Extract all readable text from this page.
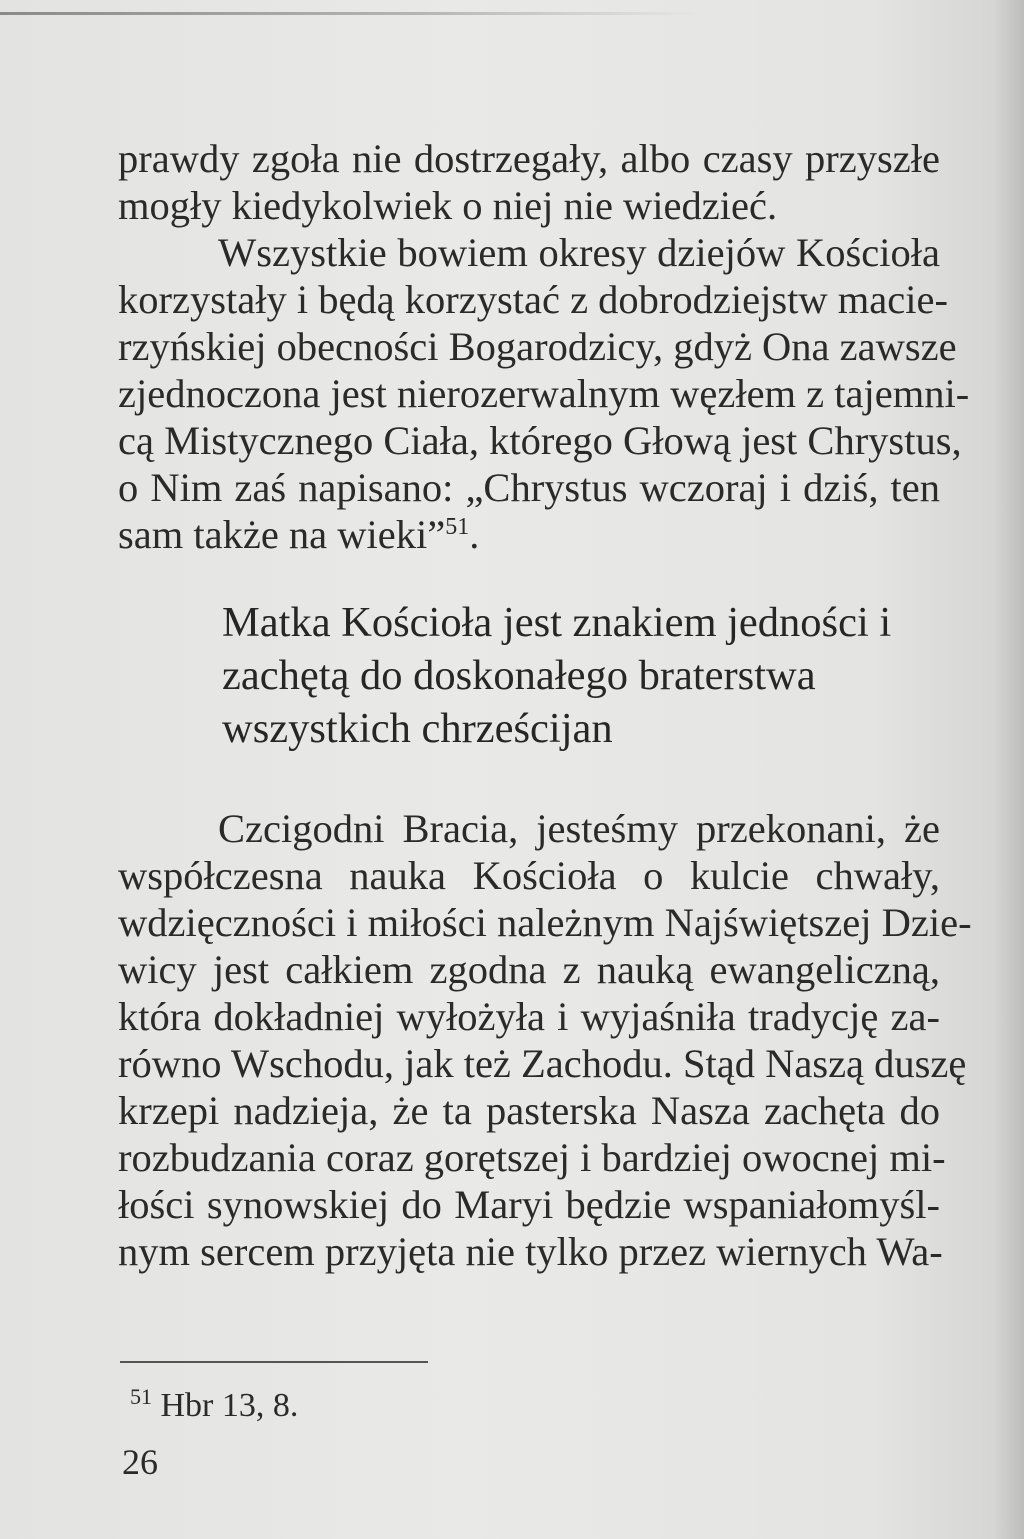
prawdy zgoła nie dostrzegały, albo czasy przyszłe
mogły kiedykolwiek o niej nie wiedzieć.
Wszystkie bowiem okresy dziejów Kościoła
korzystały i będą korzystać z dobrodziejstw macie-
rzyńskiej obecności Bogarodzicy, gdyż Ona zawsze
zjednoczona jest nierozerwalnym węzłem z tajemni-
cą Mistycznego Ciała, którego Głową jest Chrystus,
o Nim zaś napisano: „Chrystus wczoraj i dziś, ten
sam także na wieki”$^{51}$.
Matka Kościoła jest znakiem jedności i
zachętą do doskonałego braterstwa
wszystkich chrześcijan
Czcigodni Bracia, jesteśmy przekonani, że
współczesna nauka Kościoła o kulcie chwały,
wdzięczności i miłości należnym Najświętszej Dzie-
wicy jest całkiem zgodna z nauką ewangeliczną,
która dokładniej wyłożyła i wyjaśniła tradycję za-
równo Wschodu, jak też Zachodu. Stąd Naszą duszę
krzepi nadzieja, że ta pasterska Nasza zachęta do
rozbudzania coraz gorętszej i bardziej owocnej mi-
łości synowskiej do Maryi będzie wspaniałomyśl-
nym sercem przyjęta nie tylko przez wiernych Wa-
$^{51}$ Hbr 13, 8.
26
